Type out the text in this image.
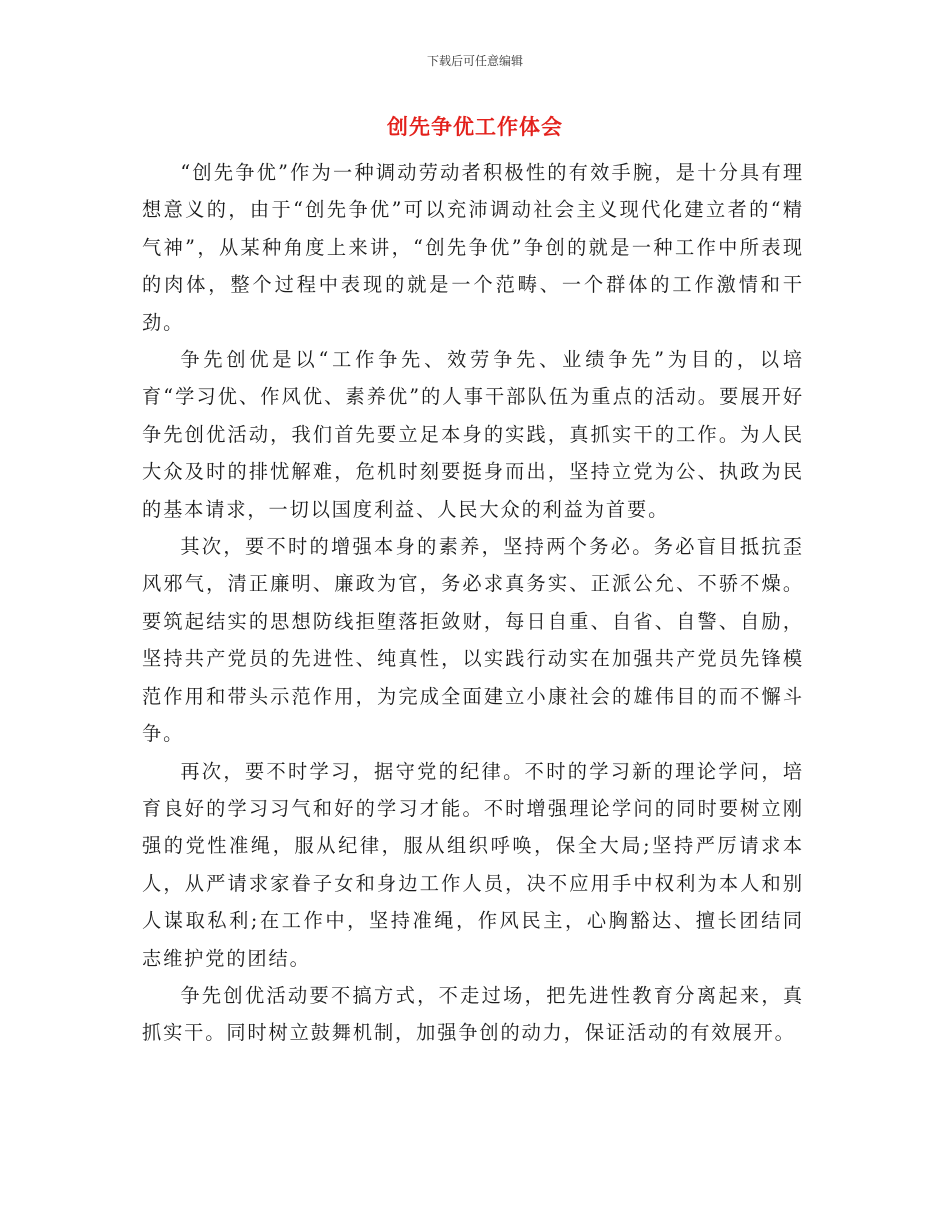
下载后可任意编辑
创先争优工作体会

“创先争优”作为一种调动劳动者积极性的有效手腕，是十分具有理想意义的，由于“创先争优”可以充沛调动社会主义现代化建立者的“精气神”，从某种角度上来讲，“创先争优”争创的就是一种工作中所表现的肉体，整个过程中表现的就是一个范畴、一个群体的工作激情和干劲。

争先创优是以“工作争先、效劳争先、业绩争先”为目的，以培育“学习优、作风优、素养优”的人事干部队伍为重点的活动。要展开好争先创优活动，我们首先要立足本身的实践，真抓实干的工作。为人民大众及时的排忧解难，危机时刻要挺身而出，坚持立党为公、执政为民的基本请求，一切以国度利益、人民大众的利益为首要。

其次，要不时的增强本身的素养，坚持两个务必。务必盲目抵抗歪风邪气，清正廉明、廉政为官，务必求真务实、正派公允、不骄不燥。要筑起结实的思想防线拒堕落拒敛财，每日自重、自省、自警、自励，坚持共产党员的先进性、纯真性，以实践行动实在加强共产党员先锋模范作用和带头示范作用，为完成全面建立小康社会的雄伟目的而不懈斗争。

再次，要不时学习，据守党的纪律。不时的学习新的理论学问，培育良好的学习习气和好的学习才能。不时增强理论学问的同时要树立刚强的党性准绳，服从纪律，服从组织呼唤，保全大局;坚持严厉请求本人，从严请求家眷子女和身边工作人员，决不应用手中权利为本人和别人谋取私利;在工作中，坚持准绳，作风民主，心胸豁达、擅长团结同志维护党的团结。

争先创优活动要不搞方式，不走过场，把先进性教育分离起来，真抓实干。同时树立鼓舞机制，加强争创的动力，保证活动的有效展开。
